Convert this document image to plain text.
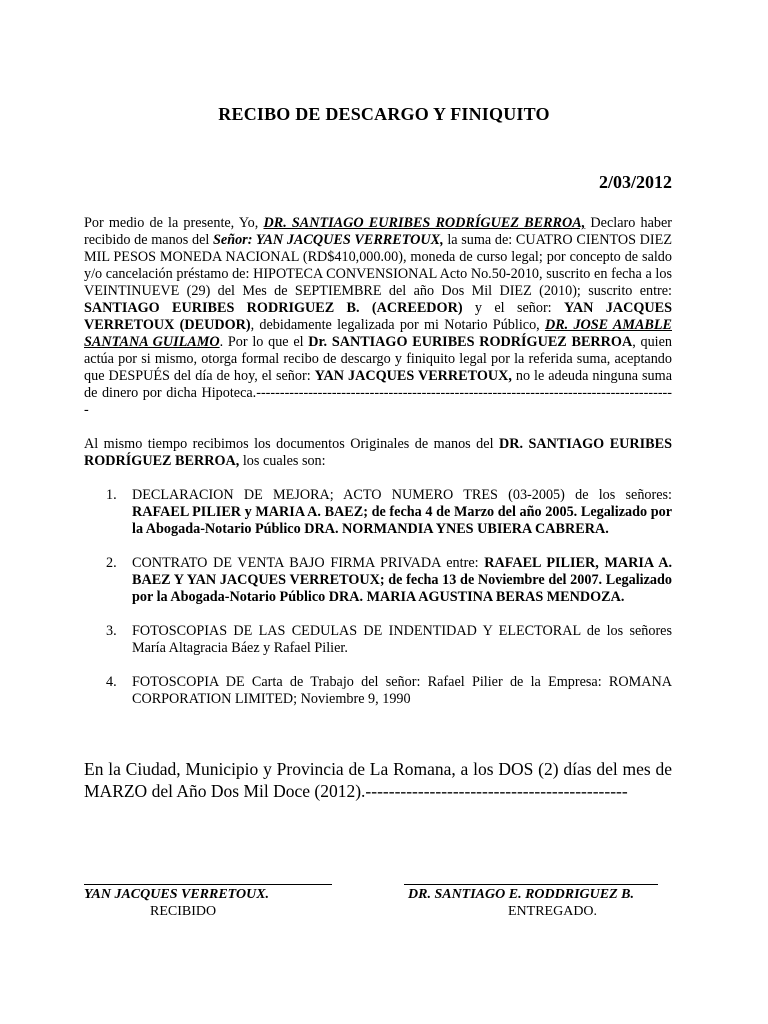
RECIBO DE DESCARGO Y FINIQUITO
2/03/2012
Por medio de la presente, Yo, DR. SANTIAGO EURIBES RODRÍGUEZ BERROA, Declaro haber recibido de manos del Señor: YAN JACQUES VERRETOUX, la suma de: CUATRO CIENTOS DIEZ MIL PESOS MONEDA NACIONAL (RD$410,000.00), moneda de curso legal; por concepto de saldo y/o cancelación préstamo de: HIPOTECA CONVENSIONAL Acto No.50-2010, suscrito en fecha a los VEINTINUEVE (29) del Mes de SEPTIEMBRE del año Dos Mil DIEZ (2010); suscrito entre: SANTIAGO EURIBES RODRIGUEZ B. (ACREEDOR) y el señor: YAN JACQUES VERRETOUX (DEUDOR), debidamente legalizada por mi Notario Público, DR. JOSE AMABLE SANTANA GUILAMO. Por lo que el Dr. SANTIAGO EURIBES RODRÍGUEZ BERROA, quien actúa por si mismo, otorga formal recibo de descargo y finiquito legal por la referida suma, aceptando que DESPUÉS del día de hoy, el señor: YAN JACQUES VERRETOUX, no le adeuda ninguna suma de dinero por dicha Hipoteca.-----------------------------------------------------------------------------------------
Al mismo tiempo recibimos los documentos Originales de manos del DR. SANTIAGO EURIBES RODRÍGUEZ BERROA, los cuales son:
1. DECLARACION DE MEJORA; ACTO NUMERO TRES (03-2005) de los señores: RAFAEL PILIER y MARIA A. BAEZ; de fecha 4 de Marzo del año 2005. Legalizado por la Abogada-Notario Público DRA. NORMANDIA YNES UBIERA CABRERA.
2. CONTRATO DE VENTA BAJO FIRMA PRIVADA entre: RAFAEL PILIER, MARIA A. BAEZ Y YAN JACQUES VERRETOUX; de fecha 13 de Noviembre del 2007. Legalizado por la Abogada-Notario Público DRA. MARIA AGUSTINA BERAS MENDOZA.
3. FOTOSCOPIAS DE LAS CEDULAS DE INDENTIDAD Y ELECTORAL de los señores María Altagracia Báez y Rafael Pilier.
4. FOTOSCOPIA DE Carta de Trabajo del señor: Rafael Pilier de la Empresa: ROMANA CORPORATION LIMITED; Noviembre 9, 1990
En la Ciudad, Municipio y Provincia de La Romana, a los DOS (2) días del mes de MARZO del Año Dos Mil Doce (2012).---------------------------------------------
YAN JACQUES VERRETOUX.
RECIBIDO
DR. SANTIAGO E. RODDRIGUEZ B.
ENTREGADO.
